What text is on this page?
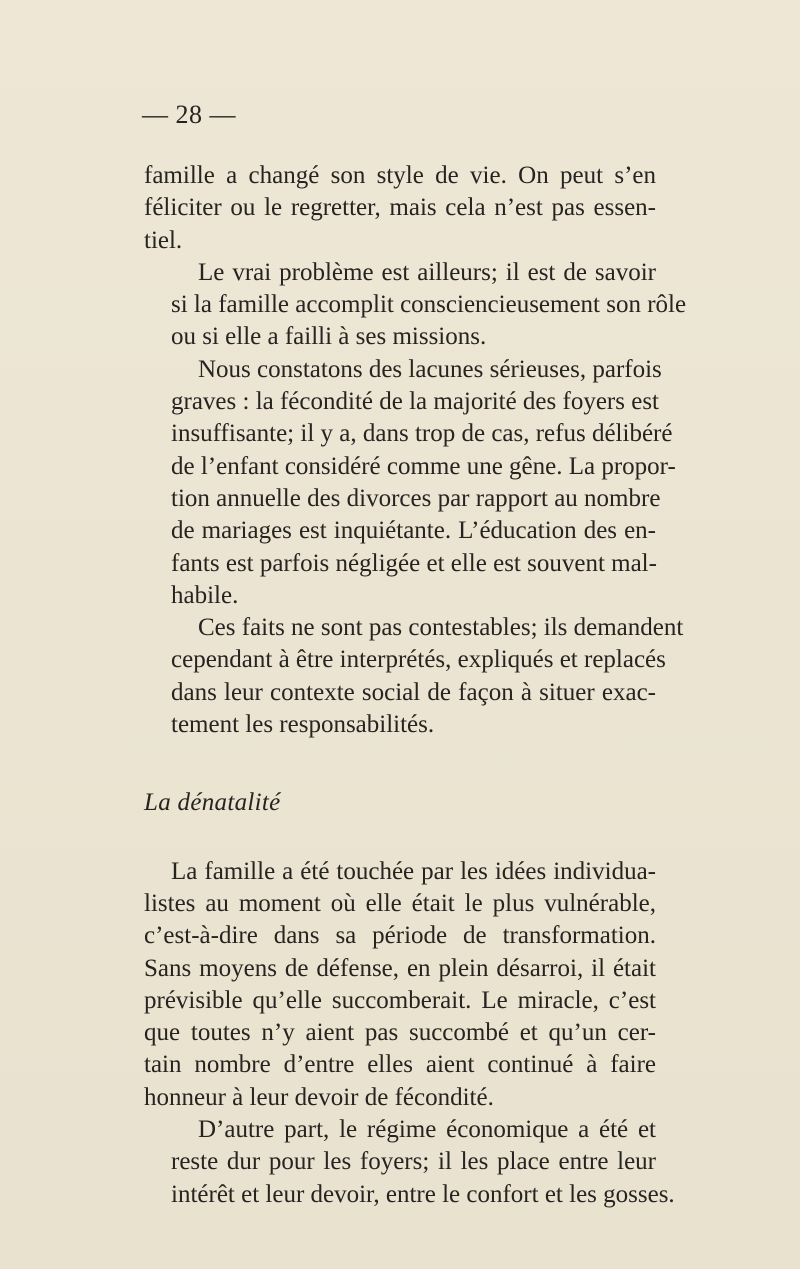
— 28 —
famille a changé son style de vie. On peut s’en
féliciter ou le regretter, mais cela n’est pas essen-
tiel.
Le vrai problème est ailleurs; il est de savoir
si la famille accomplit consciencieusement son rôle
ou si elle a failli à ses missions.
Nous constatons des lacunes sérieuses, parfois
graves : la fécondité de la majorité des foyers est
insuffisante; il y a, dans trop de cas, refus délibéré
de l’enfant considéré comme une gêne. La propor-
tion annuelle des divorces par rapport au nombre
de mariages est inquiétante. L’éducation des en-
fants est parfois négligée et elle est souvent mal-
habile.
Ces faits ne sont pas contestables; ils demandent
cependant à être interprétés, expliqués et replacés
dans leur contexte social de façon à situer exac-
tement les responsabilités.
La dénatalité
La famille a été touchée par les idées individua-
listes au moment où elle était le plus vulnérable,
c’est-à-dire dans sa période de transformation.
Sans moyens de défense, en plein désarroi, il était
prévisible qu’elle succomberait. Le miracle, c’est
que toutes n’y aient pas succombé et qu’un cer-
tain nombre d’entre elles aient continué à faire
honneur à leur devoir de fécondité.
D’autre part, le régime économique a été et
reste dur pour les foyers; il les place entre leur
intérêt et leur devoir, entre le confort et les gosses.
